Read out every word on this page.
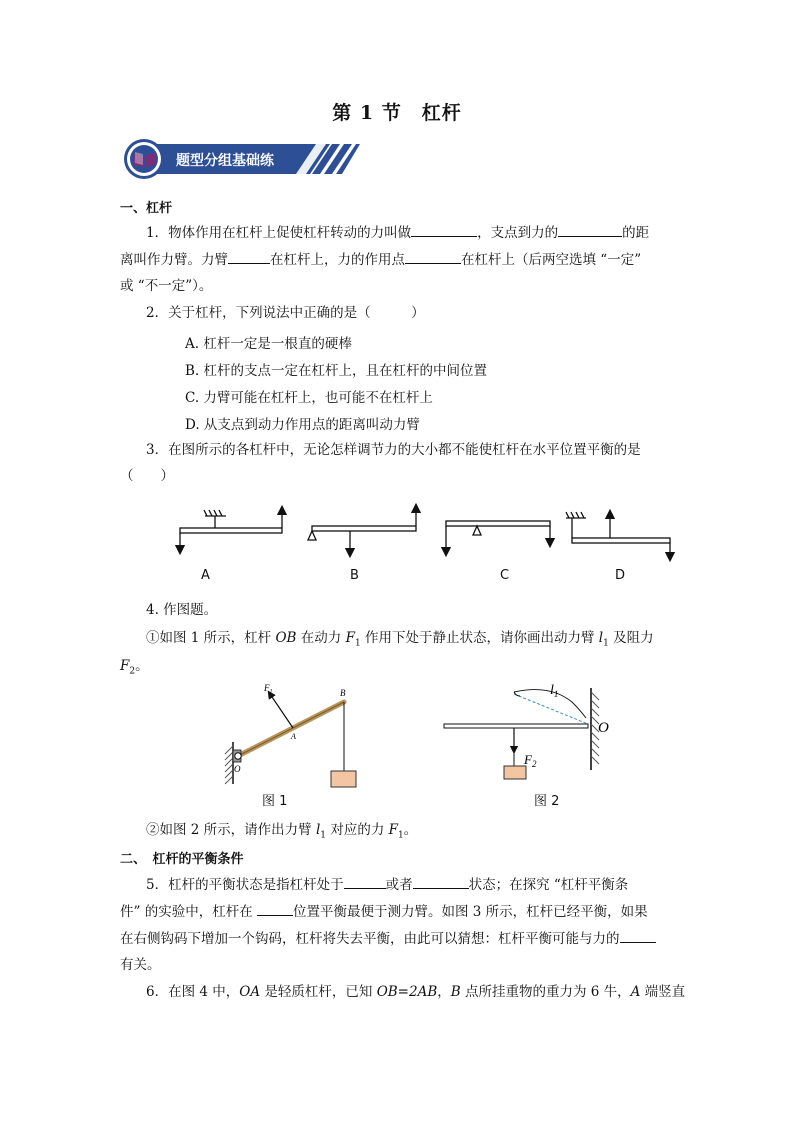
第 1 节　杠杆
题型分组基础练
一、杠杆
1．物体作用在杠杆上促使杠杆转动的力叫做	，支点到力的	的距
离叫作力臂。力臂	在杠杆上，力的作用点	在杠杆上（后两空选填 “一定”
或 “不一定”）。
2．关于杠杆，下列说法中正确的是（　　　）
A. 杠杆一定是一根直的硬棒
B. 杠杆的支点一定在杠杆上，且在杠杆的中间位置
C. 力臂可能在杠杆上，也可能不在杠杆上
D. 从支点到动力作用点的距离叫动力臂
3．在图所示的各杠杆中，无论怎样调节力的大小都不能使杠杆在水平位置平衡的是
（　　）
A	B	C	D
4. 作图题。
①如图 1 所示，杠杆 OB 在动力 $F_1$ 作用下处于静止状态，请你画出动力臂 $l_1$ 及阻力
$F_2$。
$F_1$	B
A
O
图 1
$l_1$
O
$F_2$
图 2
②如图 2 所示，请作出力臂 $l_1$ 对应的力 $F_1$。
二、　杠杆的平衡条件
5．杠杆的平衡状态是指杠杆处于	或者	状态；在探究 “杠杆平衡条
件” 的实验中，杠杆在	位置平衡最便于测力臂。如图 3 所示，杠杆已经平衡，如果
在右侧钩码下增加一个钩码，杠杆将失去平衡，由此可以猜想：杠杆平衡可能与力的
有关。
6．在图 4 中，OA 是轻质杠杆，已知 OB=2AB，B 点所挂重物的重力为 6 牛，A 端竖直
